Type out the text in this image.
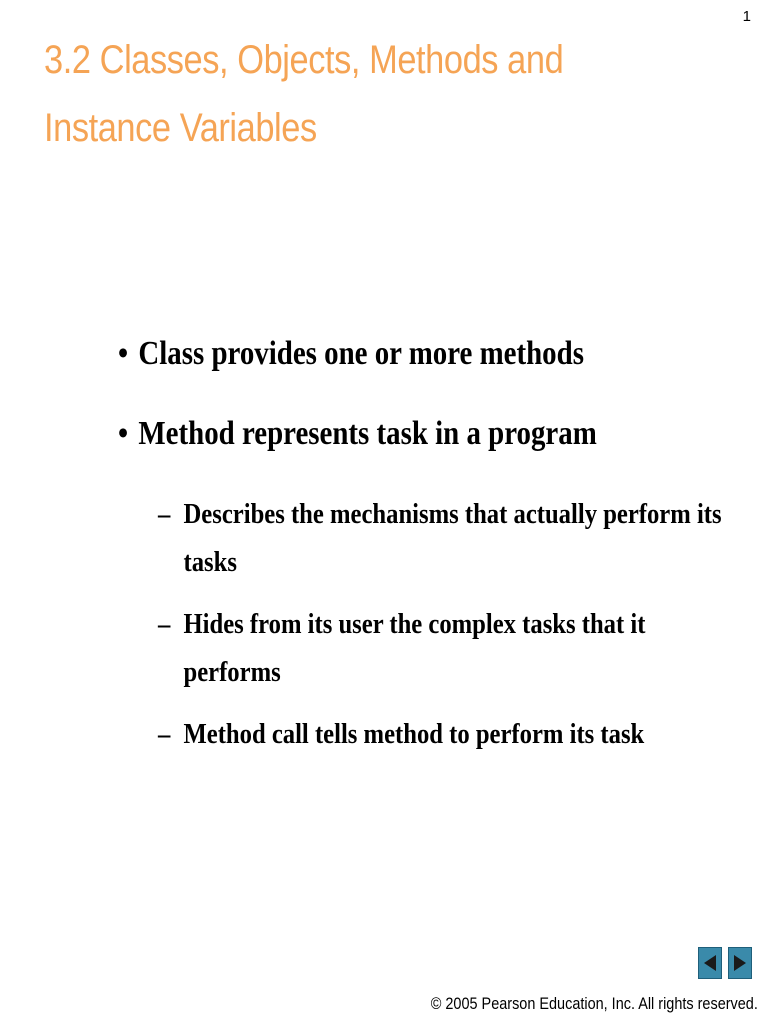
1
3.2 Classes, Objects, Methods and
Instance Variables
• Class provides one or more methods
• Method represents task in a program
– Describes the mechanisms that actually perform its
tasks
– Hides from its user the complex tasks that it
performs
– Method call tells method to perform its task
© 2005 Pearson Education, Inc. All rights reserved.
